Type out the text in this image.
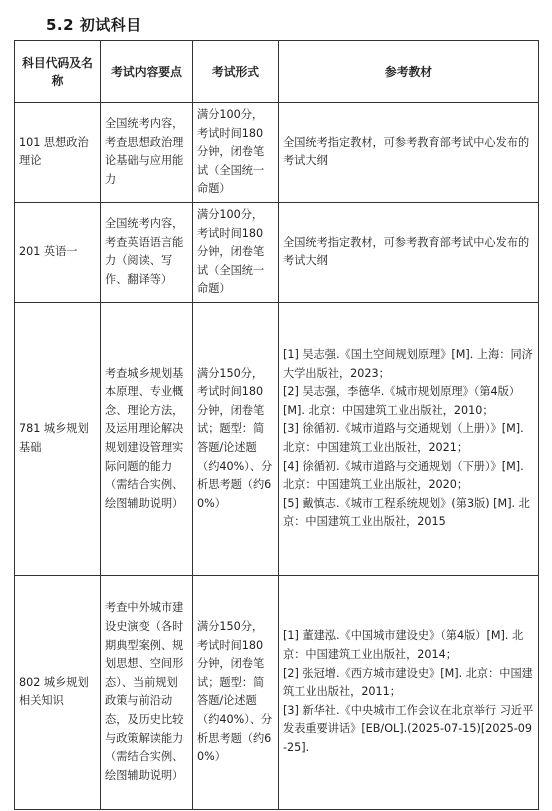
5.2 初试科目
科目代码及名称	考试内容要点	考试形式	参考教材
101 思想政治理论	全国统考内容，考查思想政治理论基础与应用能力	满分100分，考试时间180分钟，闭卷笔试（全国统一命题）	全国统考指定教材，可参考教育部考试中心发布的考试大纲

201 英语一	全国统考内容，考查英语语言能力（阅读、写作、翻译等）	满分100分，考试时间180分钟，闭卷笔试（全国统一命题）	全国统考指定教材，可参考教育部考试中心发布的考试大纲

781 城乡规划基础	考查城乡规划基本原理、专业概念、理论方法，及运用理论解决规划建设管理实际问题的能力（需结合实例、绘图辅助说明）	满分150分，考试时间180分钟，闭卷笔试；题型：简答题/论述题（约40%）、分析思考题（约60%）	[1] 吴志强.《国土空间规划原理》[M]. 上海：同济大学出版社，2023；
[2] 吴志强，李德华.《城市规划原理》（第4版）[M]. 北京：中国建筑工业出版社，2010；
[3] 徐循初.《城市道路与交通规划（上册）》[M]. 北京：中国建筑工业出版社，2021；
[4] 徐循初.《城市道路与交通规划（下册）》[M]. 北京：中国建筑工业出版社，2020；
[5] 戴慎志.《城市工程系统规划》(第3版) [M]. 北京：中国建筑工业出版社，2015

802 城乡规划相关知识	考查中外城市建设史演变（各时期典型案例、规划思想、空间形态）、当前规划政策与前沿动态，及历史比较与政策解读能力（需结合实例、绘图辅助说明）	满分150分，考试时间180分钟，闭卷笔试；题型：简答题/论述题（约40%）、分析思考题（约60%）	[1] 董建泓.《中国城市建设史》（第4版）[M]. 北京：中国建筑工业出版社，2014；
[2] 张冠增.《西方城市建设史》[M]. 北京：中国建筑工业出版社，2011；
[3] 新华社.《中央城市工作会议在北京举行 习近平发表重要讲话》[EB/OL].(2025-07-15)[2025-09-25].
